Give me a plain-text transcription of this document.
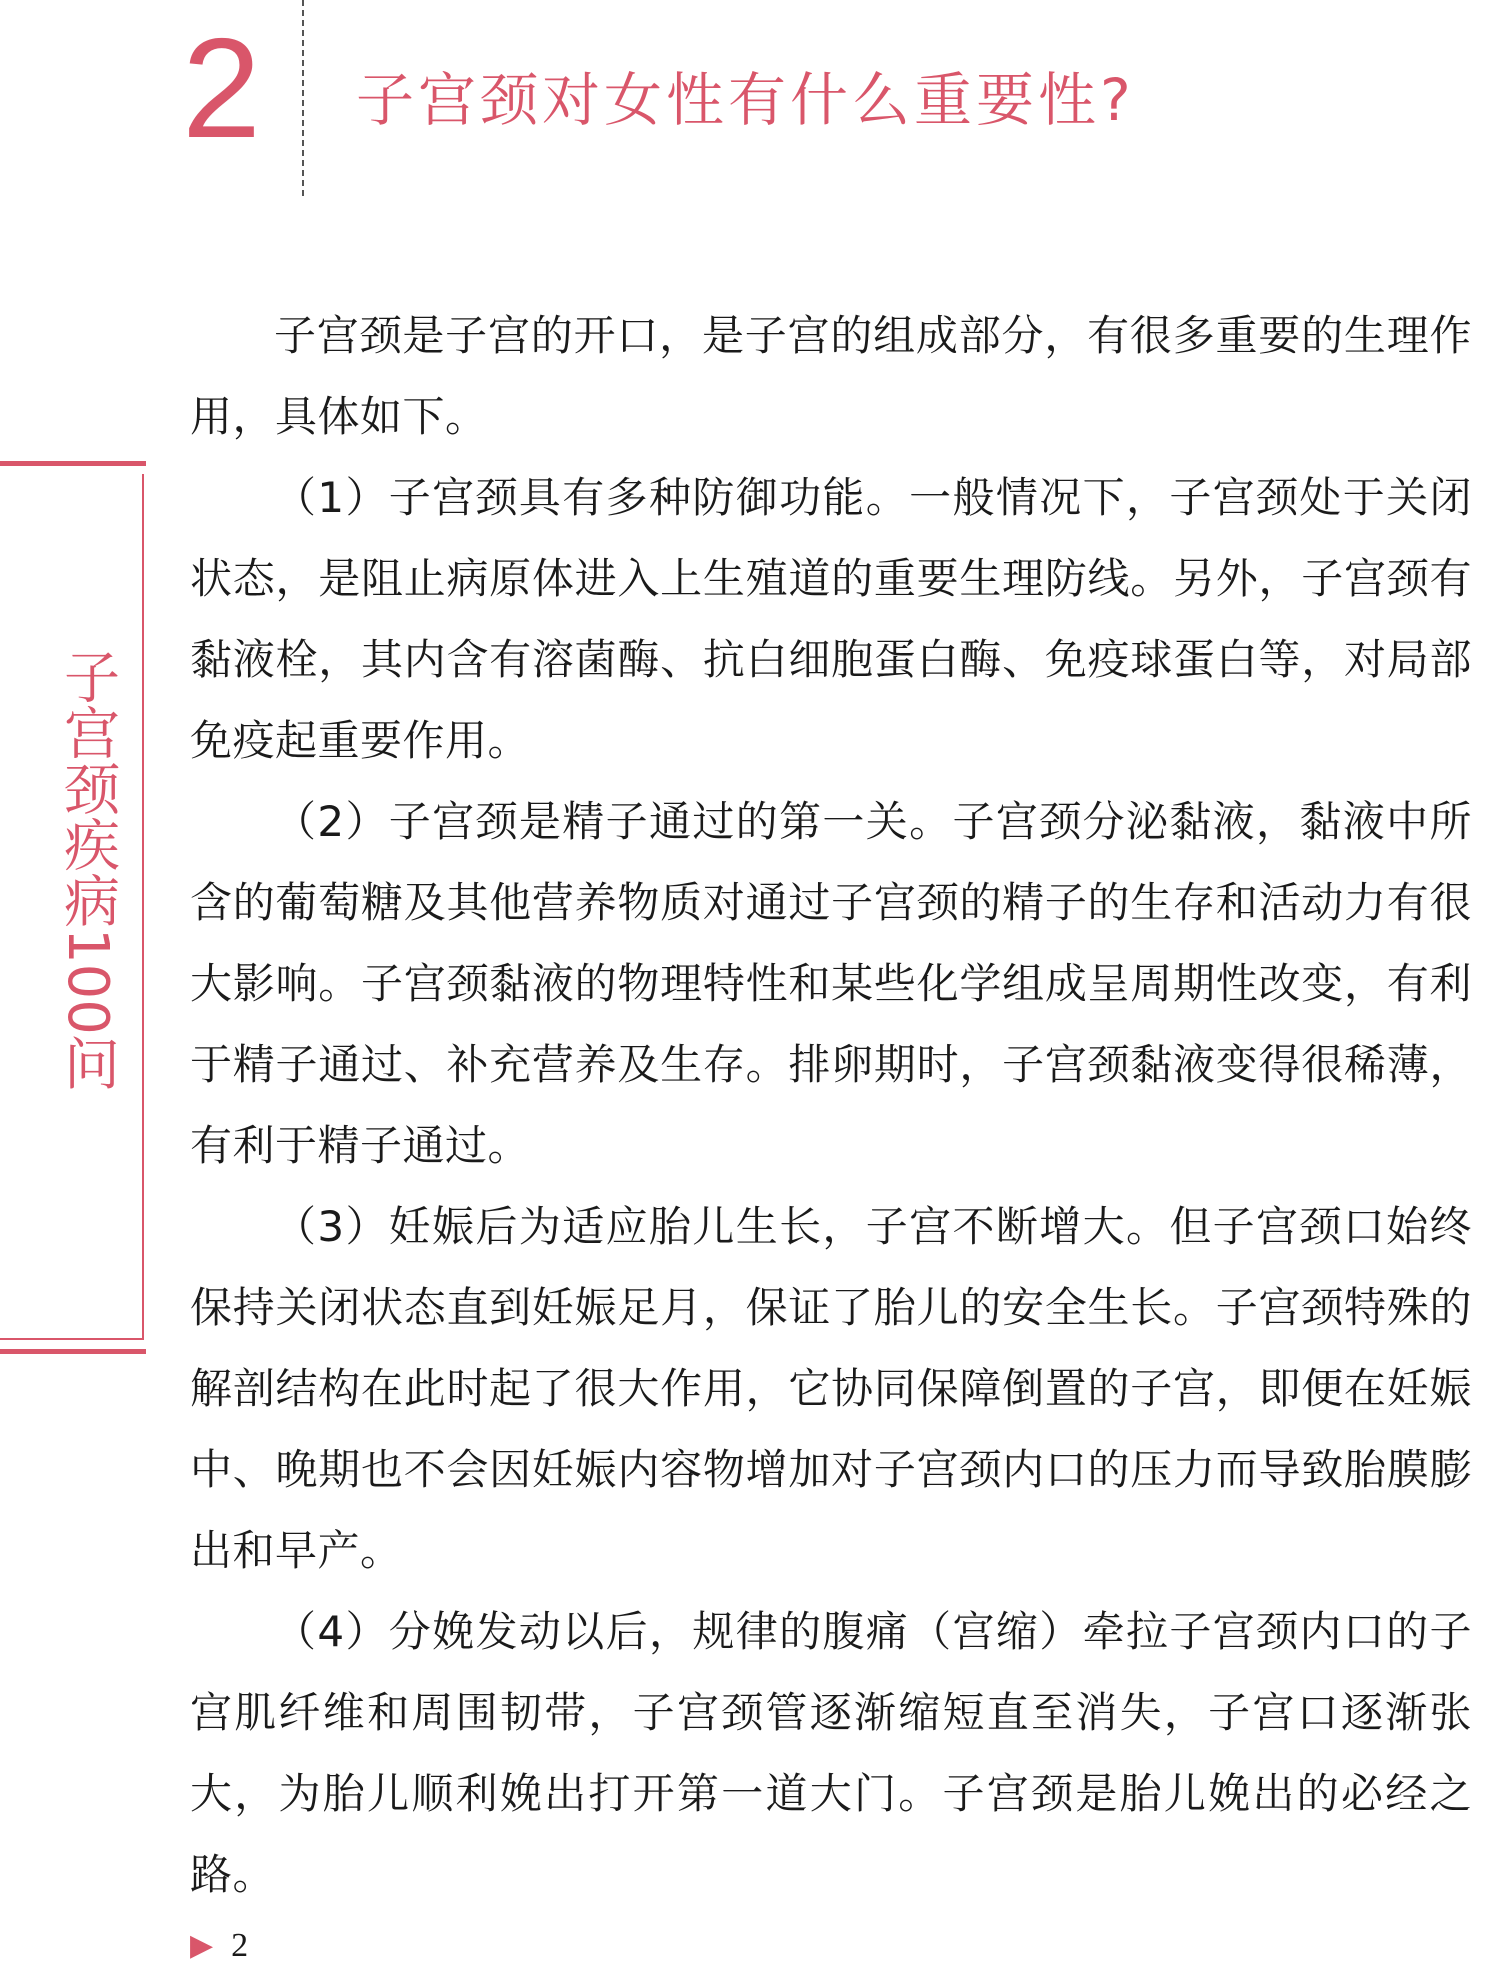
2 子宫颈对女性有什么重要性?
子宫颈疾病100问

子宫颈是子宫的开口，是子宫的组成部分，有很多重要的生理作用，具体如下。

（1）子宫颈具有多种防御功能。一般情况下，子宫颈处于关闭状态，是阻止病原体进入上生殖道的重要生理防线。另外，子宫颈有黏液栓，其内含有溶菌酶、抗白细胞蛋白酶、免疫球蛋白等，对局部免疫起重要作用。

（2）子宫颈是精子通过的第一关。子宫颈分泌黏液，黏液中所含的葡萄糖及其他营养物质对通过子宫颈的精子的生存和活动力有很大影响。子宫颈黏液的物理特性和某些化学组成呈周期性改变，有利于精子通过、补充营养及生存。排卵期时，子宫颈黏液变得很稀薄，有利于精子通过。

（3）妊娠后为适应胎儿生长，子宫不断增大。但子宫颈口始终保持关闭状态直到妊娠足月，保证了胎儿的安全生长。子宫颈特殊的解剖结构在此时起了很大作用，它协同保障倒置的子宫，即便在妊娠中、晚期也不会因妊娠内容物增加对子宫颈内口的压力而导致胎膜膨出和早产。

（4）分娩发动以后，规律的腹痛（宫缩）牵拉子宫颈内口的子宫肌纤维和周围韧带，子宫颈管逐渐缩短直至消失，子宫口逐渐张大，为胎儿顺利娩出打开第一道大门。子宫颈是胎儿娩出的必经之路。

▶ 2
